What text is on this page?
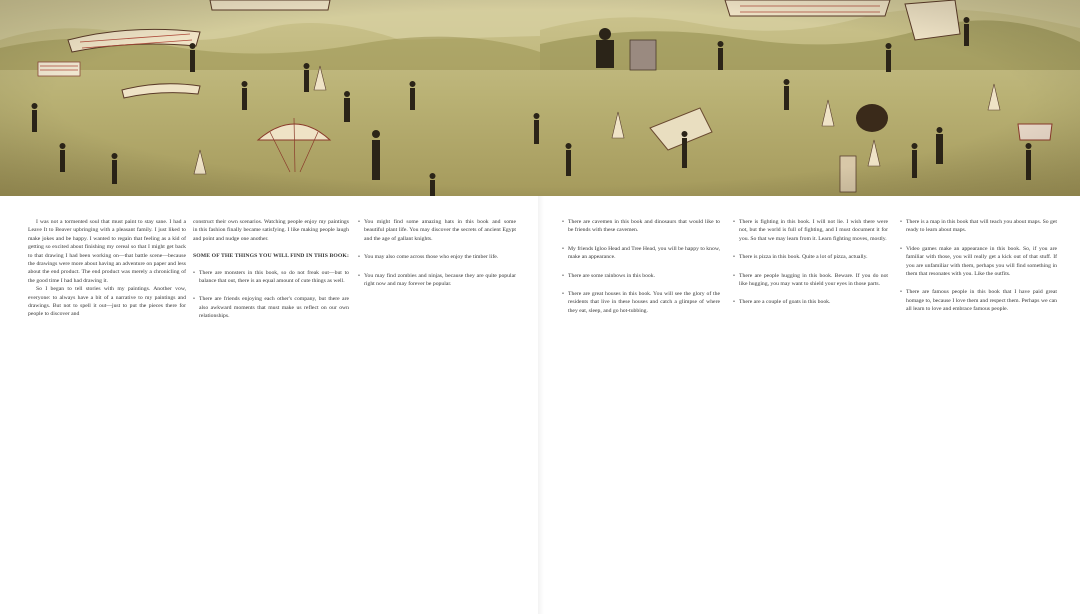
I was not a tormented soul that must paint to stay sane. I had a Leave It to Beaver upbringing with a pleasant family. I just liked to make jokes and be happy. I wanted to regain that feeling as a kid of getting so excited about finishing my cereal so that I might get back to that drawing I had been working on—that battle scene—because the drawings were more about having an adventure on paper and less about the end product. The end product was merely a chronicling of the good time I had had drawing it.

So I began to tell stories with my paintings. Another vow, everyone: to always have a bit of a narrative to my paintings and drawings. But not to spell it out—just to put the pieces there for people to discover and

construct their own scenarios. Watching people enjoy my paintings in this fashion finally became satisfying. I like making people laugh and point and nudge one another.

SOME OF THE THINGS YOU WILL FIND IN THIS BOOK:
• There are monsters in this book, so do not freak out—but to balance that out, there is an equal amount of cute things as well.
• There are friends enjoying each other's company, but there are also awkward moments that must make us reflect on our own relationships.
• You might find some amazing hats in this book and some beautiful plant life. You may discover the secrets of ancient Egypt and the age of gallant knights.
• You may also come across those who enjoy the timber life.
• You may find zombies and ninjas, because they are quite popular right now and may forever be popular.
• There are cavemen in this book and dinosaurs that would like to be friends with these cavemen.
• My friends Igloo Head and Tree Head, you will be happy to know, make an appearance.
• There are some rainbows in this book.
• There are great houses in this book. You will see the glory of the residents that live in these houses and catch a glimpse of where they eat, sleep, and go hot-tubbing.
• There is fighting in this book. I will not lie. I wish there were not, but the world is full of fighting, and I must document it for you. So that we may learn from it. Learn fighting moves, mostly.
• There is pizza in this book. Quite a lot of pizza, actually.
• There are people hugging in this book. Beware. If you do not like hugging, you may want to shield your eyes in those parts.
• There are a couple of goats in this book.
• There is a map in this book that will teach you about maps. So get ready to learn about maps.
• Video games make an appearance in this book. So, if you are familiar with those, you will really get a kick out of that stuff. If you are unfamiliar with them, perhaps you will find something in them that resonates with you. Like the outfits.
• There are famous people in this book that I have paid great homage to, because I love them and respect them. Perhaps we can all learn to love and embrace famous people.
